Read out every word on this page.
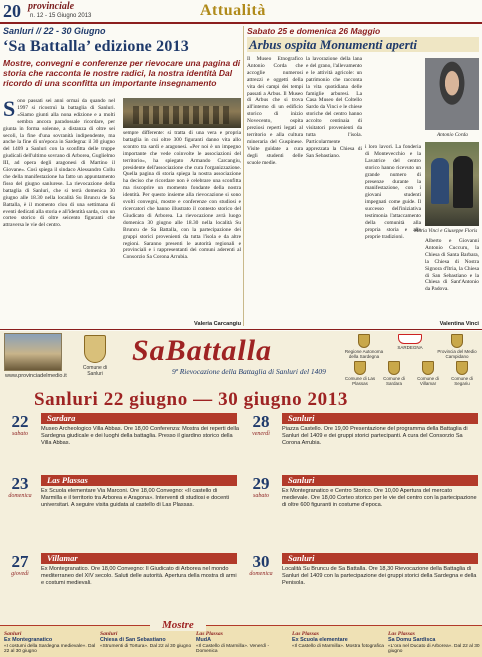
20 provinciale
n. 12 - 15 Giugno 2013	Attualità
Sanluri // 22 - 30 Giugno
‘Sa Battalla’ edizione 2013
Mostre, convegni e conferenze per rievocare una pagina di storia che racconta le nostre radici, la nostra identità Dal ricordo di una sconfitta un importante insegnamento
Sono passati sei anni ormai da quando nel 1997 si ricostruì la battaglia di Sanluri. «Siamo giunti alla nona edizione e a molti sembra ancora paradossale ricordare, per giunta in forma solenne, a distanza di oltre sei secoli, la fine d'una sovranità indipendente, ma anche la fine di un'epoca in Sardegna: il 30 giugno del 1409 a Sanluri con la sconfitta delle truppe giudicali dell'ultimo sovrano di Arborea, Guglielmo III, ad opera degli aragonesi di Martino il Giovane». Così spiega il sindaco Alessandro Collu che della manifestazione ha fatto un appuntamento fisso del giugno sanlurese. La rievocazione della battaglia di Sanluri, che si terrà domenica 30 giugno alle 18.30 nella località Su Bruncu de Sa Battalla, è il momento clou di una settimana di eventi dedicati alla storia e all'identità sarda, con un corteo storico di oltre seicento figuranti che attraversa le vie del centro.
sempre differente: si tratta di una vera e propria battaglia in cui oltre 300 figuranti danno vita allo scontro tra sardi e aragonesi. «Per noi è un impegno importante che vede coinvolte le associazioni del territorio», ha spiegato Armando Carcangiu, presidente dell'associazione che cura l'organizzazione. Quella pagina di storia spiega la nostra associazione ha deciso che ricordare non è celebrare una sconfitta ma riscoprire un momento fondante della nostra identità. Per questo insieme alla rievocazione si sono svolti convegni, mostre e conferenze con studiosi e ricercatori che hanno illustrato il contesto storico del Giudicato di Arborea. La rievocazione avrà luogo domenica 30 giugno alle 18.30 nella località Su Bruncu de Sa Battalla, con la partecipazione dei gruppi storici provenienti da tutta l'isola e da altre regioni. Saranno presenti le autorità regionali e provinciali e i rappresentanti dei comuni aderenti al Consorzio Sa Corona Arrubia.
Valeria Carcangiu
Sabato 25 e domenica 26 Maggio
Arbus ospita Monumenti aperti
Il Museo Etnografico Antonio Corda che accoglie numerosi attrezzi e oggetti della vita dei campi dei tempi passati a Arbus. Il Museo di Arbus che si trova all'interno di un edificio storico di inizio Novecento, ospita preziosi reperti legati al territorio e alla cultura mineraria del Guspinese. Visite guidate a cura degli studenti delle scuole medie.
la lavorazione della lana e del grano, l'allevamento e le attività agricole: un patrimonio che racconta la vita quotidiana delle famiglie arburesi. La Casa Museo del Coltello Sardo da Vinci e le chiese storiche del centro hanno accolto centinaia di visitatori provenienti da tutta l'isola. Particolarmente apprezzata la Chiesa di San Sebastiano.
Antonio Corda
i loro lavori. La fonderia di Montevecchio e la Lavatrice del centro storico hanno ricevuto un grande numero di presenze durante la manifestazione, con i giovani studenti impegnati come guide. Il successo dell'iniziativa testimonia l'attaccamento della comunità alla propria storia e alle proprie tradizioni.
Maria Vinci e Giuseppe Floris
Alberto e Giovanni Antonio Cuccuru, la Chiesa di Santa Barbara, la Chiesa di Nostra Signora d'Itria, la Chiesa di San Sebastiano e la Chiesa di Sant'Antonio da Padova.
Valentina Vinci
www.provinciadelmedio.it
Comune di Sanluri
SaBattalla
9ª Rievocazione della Battaglia di Sanluri del 1409
Regione Autonoma della Sardegna
SARDEGNA
Provincia del Medio Campidano
Comune di Las Plassas
Comune di Sardara
Comune di Villamar
Comune di Segariu
Sanluri 22 giugno — 30 giugno 2013
22
sabato
Sardara
Museo Archeologico Villa Abbas. Ore 18,00 Conferenza: Mostra dei reperti della Sardegna giudicale e dei luoghi della battaglia. Presso il giardino storico della Villa Abbas.
23
domenica
Las Plassas
Ex Scuola elementare Via Marconi. Ore 18,00 Convegno: «Il castello di Marmilla e il territorio tra Arborea e Aragona». Interventi di studiosi e docenti universitari. A seguire visita guidata al castello di Las Plassas.
27
giovedì
Villamar
Ex Montegranatico. Ore 18,00 Convegno: Il Giudicato di Arborea nel mondo mediterraneo del XIV secolo. Saluti delle autorità. Apertura della mostra di armi e costumi medievali.
28
venerdì
Sanluri
Piazza Castello. Ore 19,00 Presentazione del programma della Battaglia di Sanluri del 1409 e dei gruppi storici partecipanti. A cura del Consorzio Sa Corona Arrubia.
29
sabato
Sanluri
Ex Montegranatico e Centro Storico. Ore 10,00 Apertura del mercato medievale. Ore 18,00 Corteo storico per le vie del centro con la partecipazione di oltre 600 figuranti in costume d'epoca.
30
domenica
Sanluri
Località Su Bruncu de Sa Battalla. Ore 18,30 Rievocazione della Battaglia di Sanluri del 1409 con la partecipazione dei gruppi storici della Sardegna e della Penisola.
Mostre
Sanluri
Ex Montegranatico
«I costumi della Sardegna medievale». Dal 22 al 30 giugno
Sanluri
Chiesa di San Sebastiano
«Strumenti di Tortura». Dal 22 al 30 giugno
Las Plassas
MudA
«Il Castello di Marmilla». Venerdì - Domenica
Las Plassas
Ex Scuola elementare
«Il Castello di Marmilla». Mostra fotografica
Las Plassas
Sa Domu Sardisca
«L'ora nel Ducato di Arborea». Dal 22 al 30 giugno
